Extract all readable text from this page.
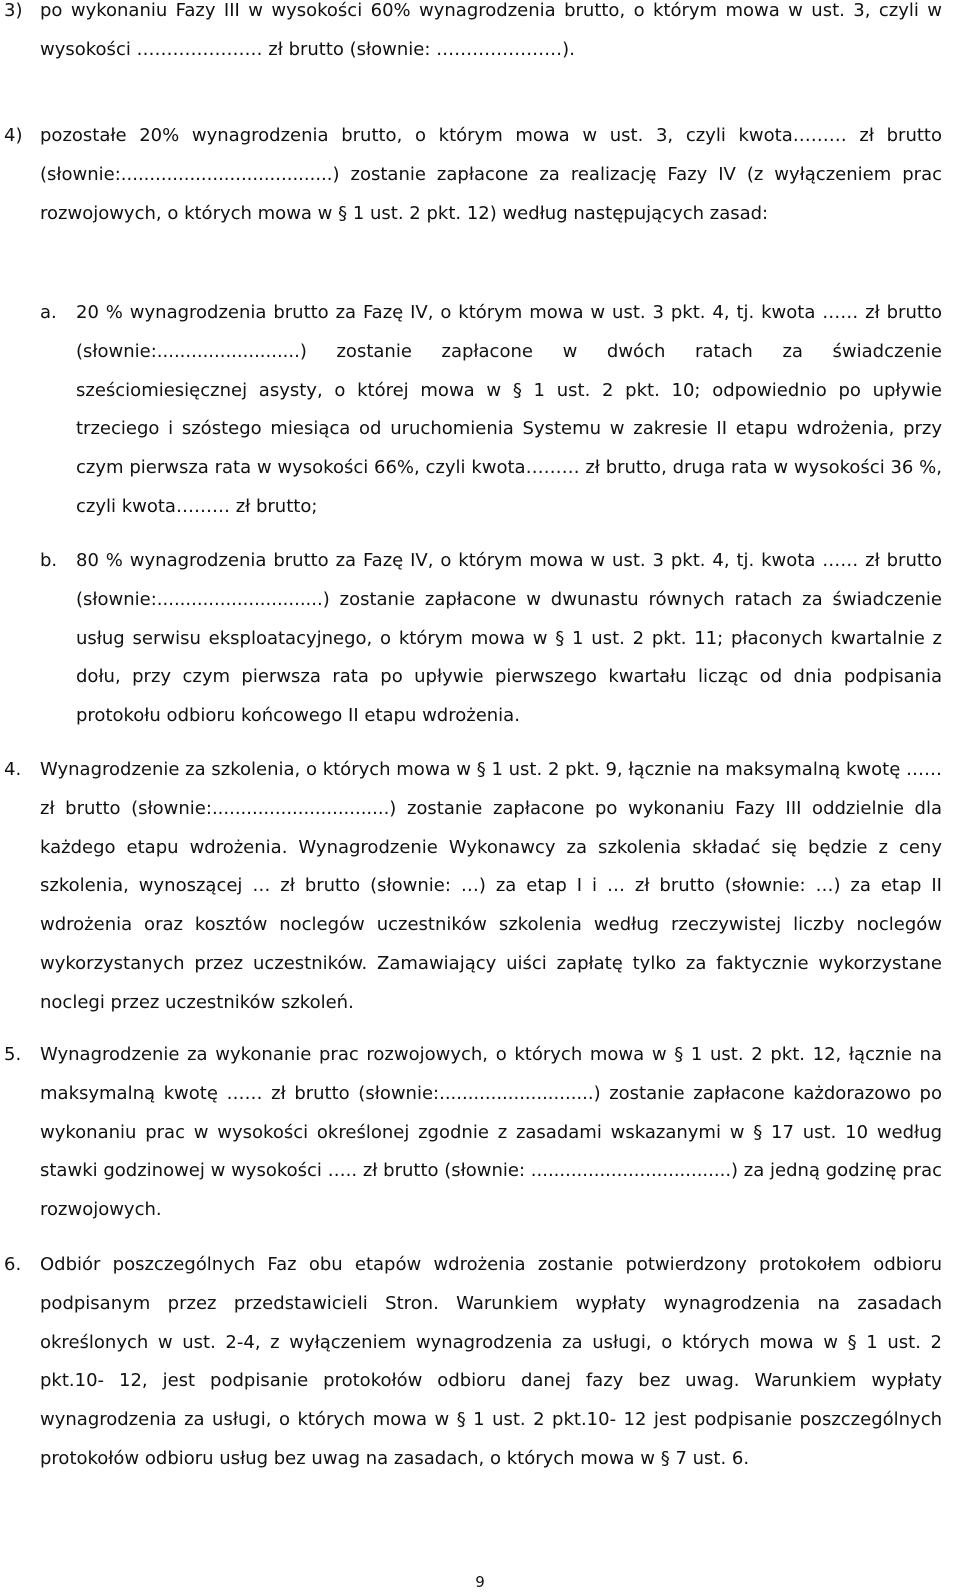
3) po wykonaniu Fazy III w wysokości 60% wynagrodzenia brutto, o którym mowa w ust. 3, czyli w wysokości ………………… zł brutto (słownie: …………………).

4) pozostałe 20% wynagrodzenia brutto, o którym mowa w ust. 3, czyli kwota……… zł brutto (słownie:.....................................) zostanie zapłacone za realizację Fazy IV (z wyłączeniem prac rozwojowych, o których mowa w § 1 ust. 2 pkt. 12) według następujących zasad:

a. 20 % wynagrodzenia brutto za Fazę IV, o którym mowa w ust. 3 pkt. 4, tj. kwota …… zł brutto (słownie:.........................) zostanie zapłacone w dwóch ratach za świadczenie sześciomiesięcznej asysty, o której mowa w § 1 ust. 2 pkt. 10; odpowiednio po upływie trzeciego i szóstego miesiąca od uruchomienia Systemu w zakresie II etapu wdrożenia, przy czym pierwsza rata w wysokości 66%, czyli kwota……… zł brutto, druga rata w wysokości 36 %, czyli kwota……… zł brutto;

b. 80 % wynagrodzenia brutto za Fazę IV, o którym mowa w ust. 3 pkt. 4, tj. kwota …… zł brutto (słownie:.............................) zostanie zapłacone w dwunastu równych ratach za świadczenie usług serwisu eksploatacyjnego, o którym mowa w § 1 ust. 2 pkt. 11; płaconych kwartalnie z dołu, przy czym pierwsza rata po upływie pierwszego kwartału licząc od dnia podpisania protokołu odbioru końcowego II etapu wdrożenia.

4. Wynagrodzenie za szkolenia, o których mowa w § 1 ust. 2 pkt. 9, łącznie na maksymalną kwotę …… zł brutto (słownie:...............................) zostanie zapłacone po wykonaniu Fazy III oddzielnie dla każdego etapu wdrożenia. Wynagrodzenie Wykonawcy za szkolenia składać się będzie z ceny szkolenia, wynoszącej … zł brutto (słownie: …) za etap I i … zł brutto (słownie: …) za etap II wdrożenia oraz kosztów noclegów uczestników szkolenia według rzeczywistej liczby noclegów wykorzystanych przez uczestników. Zamawiający uiści zapłatę tylko za faktycznie wykorzystane noclegi przez uczestników szkoleń.

5. Wynagrodzenie za wykonanie prac rozwojowych, o których mowa w § 1 ust. 2 pkt. 12, łącznie na maksymalną kwotę …… zł brutto (słownie:...........................) zostanie zapłacone każdorazowo po wykonaniu prac w wysokości określonej zgodnie z zasadami wskazanymi w § 17 ust. 10 według stawki godzinowej w wysokości ….. zł brutto (słownie: ...................................) za jedną godzinę prac rozwojowych.

6. Odbiór poszczególnych Faz obu etapów wdrożenia zostanie potwierdzony protokołem odbioru podpisanym przez przedstawicieli Stron. Warunkiem wypłaty wynagrodzenia na zasadach określonych w ust. 2-4, z wyłączeniem wynagrodzenia za usługi, o których mowa w § 1 ust. 2 pkt.10- 12, jest podpisanie protokołów odbioru danej fazy bez uwag. Warunkiem wypłaty wynagrodzenia za usługi, o których mowa w § 1 ust. 2 pkt.10- 12 jest podpisanie poszczególnych protokołów odbioru usług bez uwag na zasadach, o których mowa w § 7 ust. 6.

9
